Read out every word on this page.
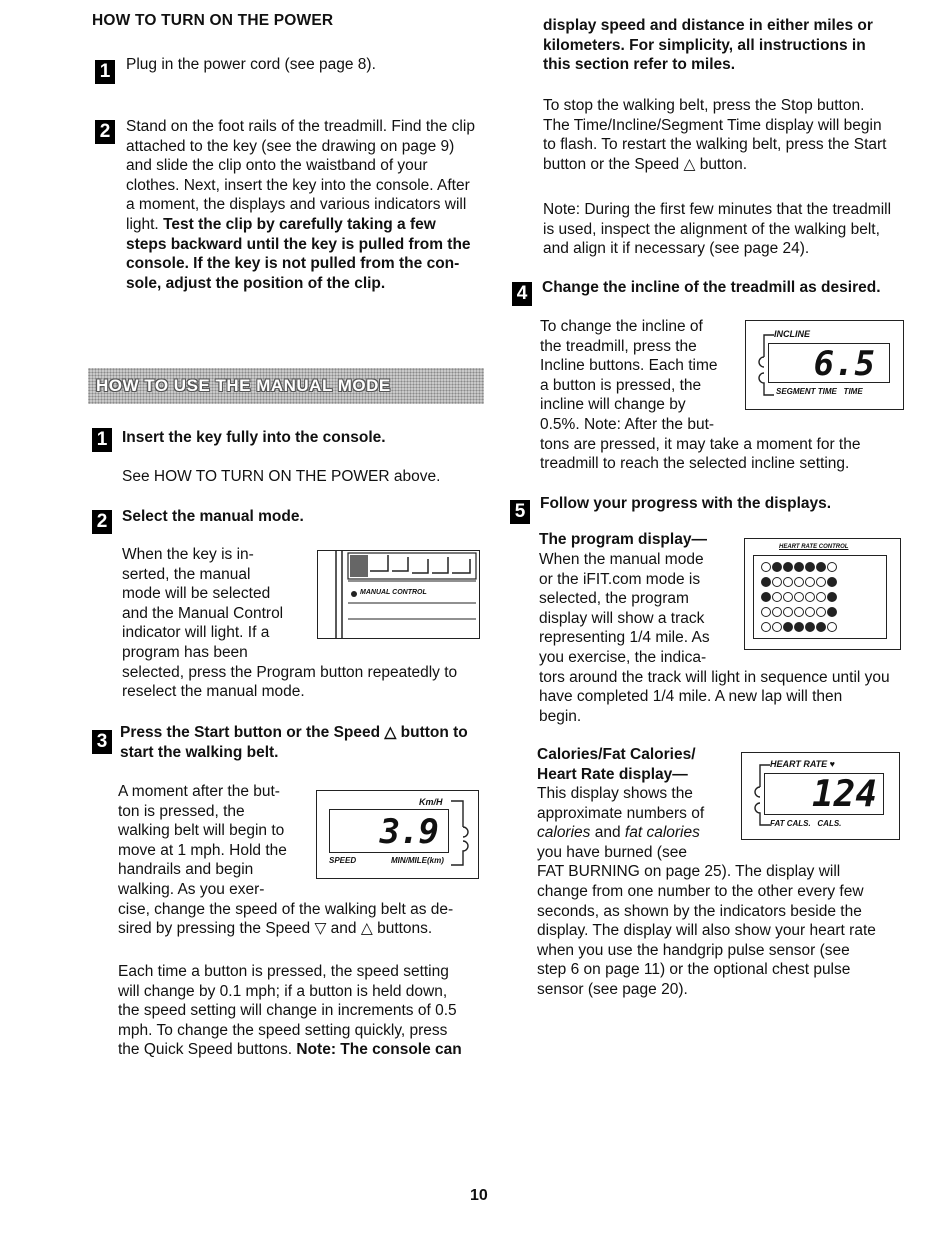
HOW TO TURN ON THE POWER
1	Plug in the power cord (see page 8).

2	Stand on the foot rails of the treadmill. Find the clip

attached to the key (see the drawing on page 9)

and slide the clip onto the waistband of your

clothes. Next, insert the key into the console. After

a moment, the displays and various indicators will

light. Test the clip by carefully taking a few

steps backward until the key is pulled from the

console. If the key is not pulled from the con-

sole, adjust the position of the clip.

HOW TO USE THE MANUAL MODE
1 Insert the key fully into the console.

See HOW TO TURN ON THE POWER above.

2 Select the manual mode.

When the key is in-

serted, the manual

mode will be selected

and the Manual Control

indicator will light. If a

program has been

selected, press the Program button repeatedly to

reselect the manual mode.

MANUAL CONTROL
3 Press the Start button or the Speed △ button to

start the walking belt.

A moment after the but-

ton is pressed, the

walking belt will begin to

move at 1 mph. Hold the

handrails and begin

walking. As you exer-

cise, change the speed of the walking belt as de-

sired by pressing the Speed ▽ and △ buttons.

Km/H
3.9
SPEED	MIN/MILE(km)

Each time a button is pressed, the speed setting

will change by 0.1 mph; if a button is held down,

the speed setting will change in increments of 0.5

mph. To change the speed setting quickly, press

the Quick Speed buttons. Note: The console can

display speed and distance in either miles or

kilometers. For simplicity, all instructions in

this section refer to miles.

To stop the walking belt, press the Stop button.

The Time/Incline/Segment Time display will begin

to flash. To restart the walking belt, press the Start

button or the Speed △ button.

Note: During the first few minutes that the treadmill

is used, inspect the alignment of the walking belt,

and align it if necessary (see page 24).

4 Change the incline of the treadmill as desired.

To change the incline of

the treadmill, press the

Incline buttons. Each time

a button is pressed, the

incline will change by

0.5%. Note: After the but-

tons are pressed, it may take a moment for the

treadmill to reach the selected incline setting.

INCLINE
6.5
SEGMENT TIME   TIME
5 Follow your progress with the displays.

The program display—

When the manual mode

or the iFIT.com mode is

selected, the program

display will show a track

representing 1/4 mile. As

you exercise, the indica-

tors around the track will light in sequence until you

have completed 1/4 mile. A new lap will then

begin.

HEART RATE CONTROL

Calories/Fat Calories/

Heart Rate display—

This display shows the

approximate numbers of

calories and fat calories

you have burned (see

FAT BURNING on page 25). The display will

change from one number to the other every few

seconds, as shown by the indicators beside the

display. The display will also show your heart rate

when you use the handgrip pulse sensor (see

step 6 on page 11) or the optional chest pulse

sensor (see page 20).

HEART RATE ♥
124
FAT CALS.   CALS.
10
